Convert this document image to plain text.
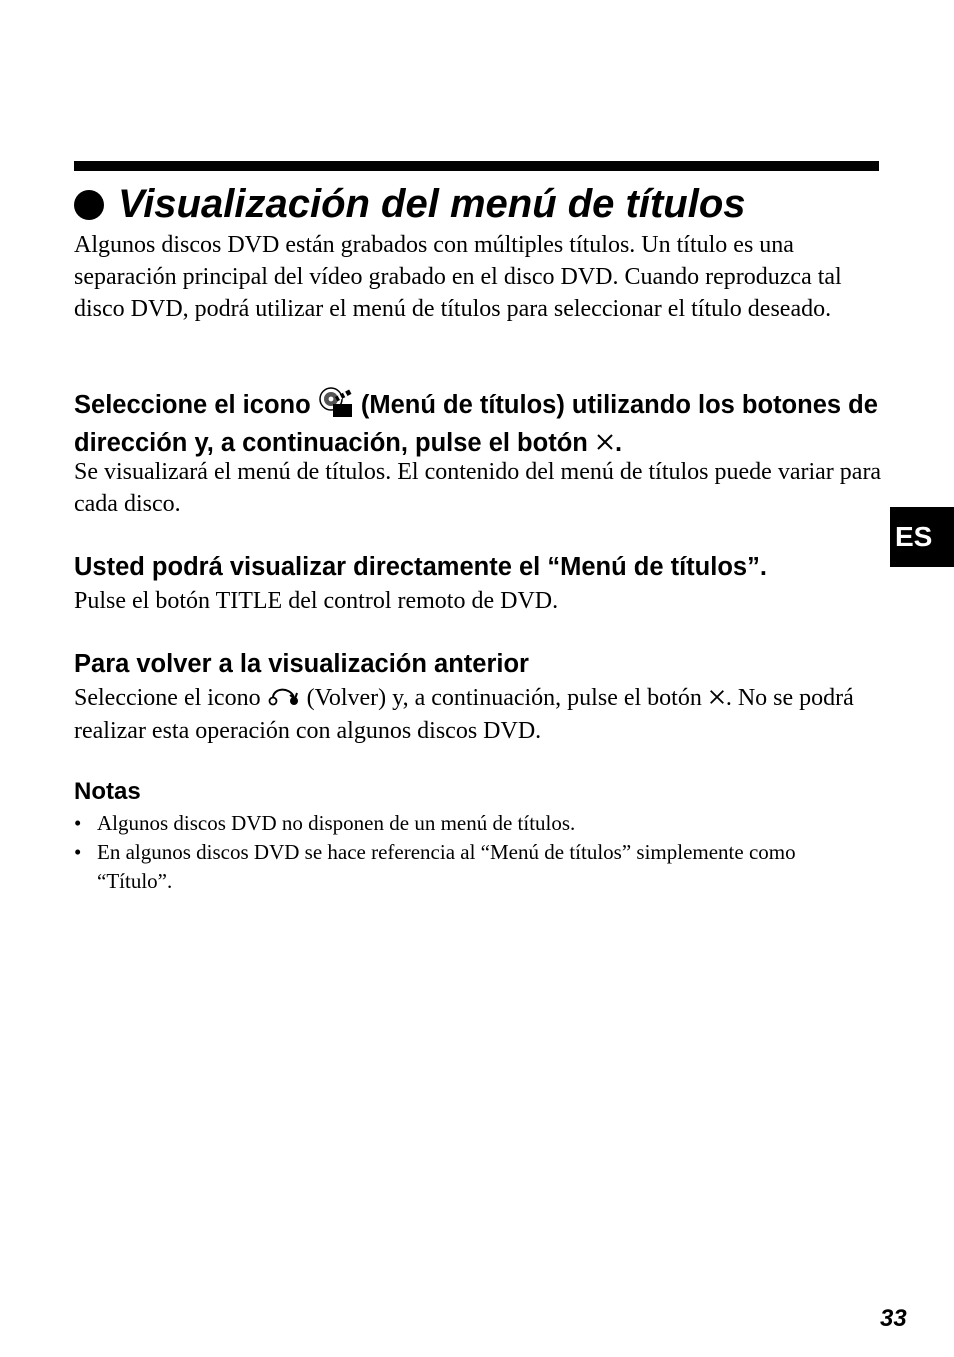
Visualización del menú de títulos

Algunos discos DVD están grabados con múltiples títulos. Un título es una separación principal del vídeo grabado en el disco DVD. Cuando reproduzca tal disco DVD, podrá utilizar el menú de títulos para seleccionar el título deseado.

Seleccione el icono (Menú de títulos) utilizando los botones de dirección y, a continuación, pulse el botón .

Se visualizará el menú de títulos. El contenido del menú de títulos puede variar para cada disco.

Usted podrá visualizar directamente el “Menú de títulos”.

Pulse el botón TITLE del control remoto de DVD.

Para volver a la visualización anterior

Seleccione el icono (Volver) y, a continuación, pulse el botón . No se podrá realizar esta operación con algunos discos DVD.

Notas
• Algunos discos DVD no disponen de un menú de títulos.
• En algunos discos DVD se hace referencia al “Menú de títulos” simplemente como “Título”.
ES
33
